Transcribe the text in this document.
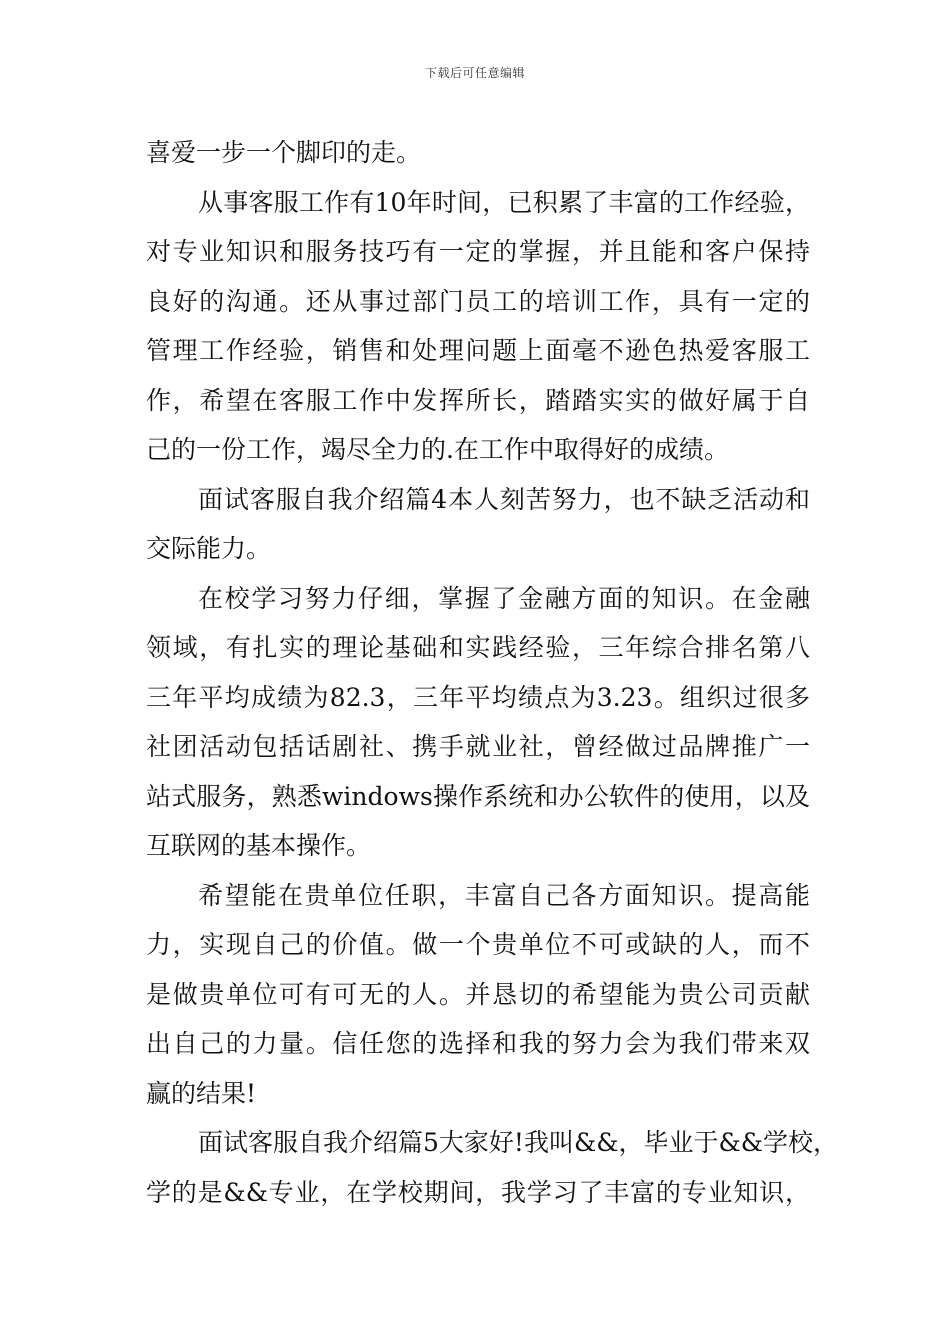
下载后可任意编辑
喜爱一步一个脚印的走。
从事客服工作有10年时间，已积累了丰富的工作经验，
对专业知识和服务技巧有一定的掌握，并且能和客户保持
良好的沟通。还从事过部门员工的培训工作，具有一定的
管理工作经验，销售和处理问题上面毫不逊色热爱客服工
作，希望在客服工作中发挥所长，踏踏实实的做好属于自
己的一份工作，竭尽全力的.在工作中取得好的成绩。
面试客服自我介绍篇4本人刻苦努力，也不缺乏活动和
交际能力。
在校学习努力仔细，掌握了金融方面的知识。在金融
领域，有扎实的理论基础和实践经验，三年综合排名第八
三年平均成绩为82.3，三年平均绩点为3.23。组织过很多
社团活动包括话剧社、携手就业社，曾经做过品牌推广一
站式服务，熟悉windows操作系统和办公软件的使用，以及
互联网的基本操作。
希望能在贵单位任职，丰富自己各方面知识。提高能
力，实现自己的价值。做一个贵单位不可或缺的人，而不
是做贵单位可有可无的人。并恳切的希望能为贵公司贡献
出自己的力量。信任您的选择和我的努力会为我们带来双
赢的结果!
面试客服自我介绍篇5大家好!我叫&&，毕业于&&学校，
学的是&&专业，在学校期间，我学习了丰富的专业知识，
